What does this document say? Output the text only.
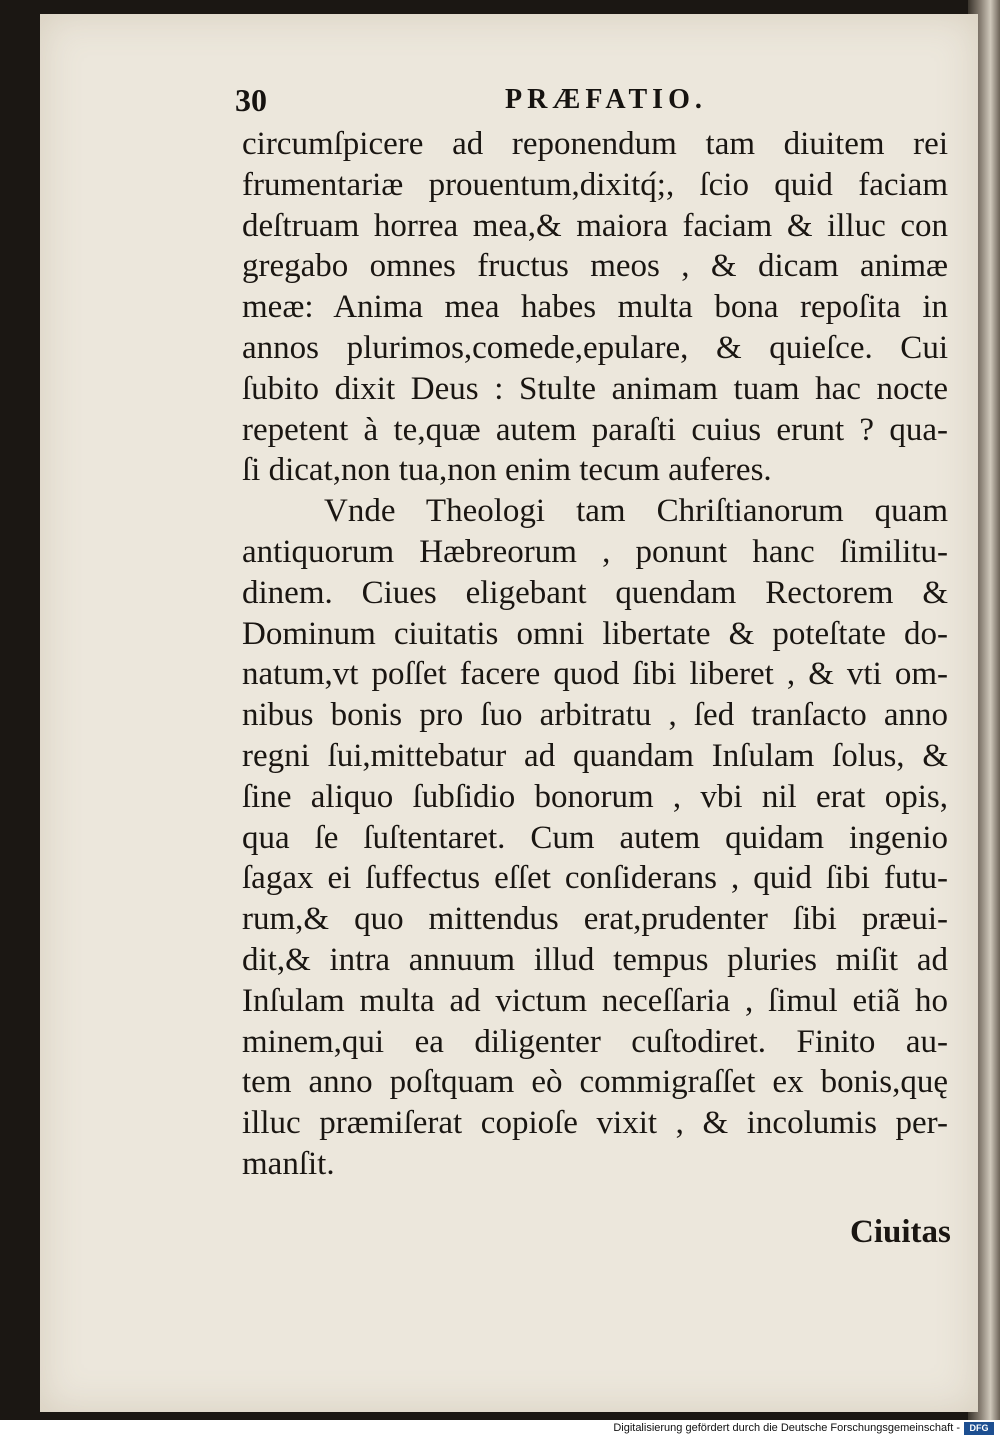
30	PRÆFATIO.
circumſpicere ad reponendum tam diuitem rei
frumentariæ prouentum,dixitq́;, ſcio quid faciam
deſtruam horrea mea,& maiora faciam & illuc con
gregabo omnes fructus meos , & dicam animæ
meæ: Anima mea habes multa bona repoſita in
annos plurimos,comede,epulare, & quieſce. Cui
ſubito dixit Deus : Stulte animam tuam hac nocte
repetent à te,quæ autem paraſti cuius erunt ? qua-
ſi dicat,non tua,non enim tecum auferes.
Vnde Theologi tam Chriſtianorum quam
antiquorum Hæbreorum , ponunt hanc ſimilitu-
dinem. Ciues eligebant quendam Rectorem &
Dominum ciuitatis omni libertate & poteſtate do-
natum,vt poſſet facere quod ſibi liberet , & vti om-
nibus bonis pro ſuo arbitratu , ſed tranſacto anno
regni ſui,mittebatur ad quandam Inſulam ſolus, &
ſine aliquo ſubſidio bonorum , vbi nil erat opis,
qua ſe ſuſtentaret. Cum autem quidam ingenio
ſagax ei ſuffectus eſſet conſiderans , quid ſibi futu-
rum,& quo mittendus erat,prudenter ſibi præui-
dit,& intra annuum illud tempus pluries miſit ad
Inſulam multa ad victum neceſſaria , ſimul etiã ho
minem,qui ea diligenter cuſtodiret. Finito au-
tem anno poſtquam eò commigraſſet ex bonis,quę
illuc præmiſerat copioſe vixit , & incolumis per-
manſit.
Ciuitas
Digitalisierung gefördert durch die Deutsche Forschungsgemeinschaft -	DFG
